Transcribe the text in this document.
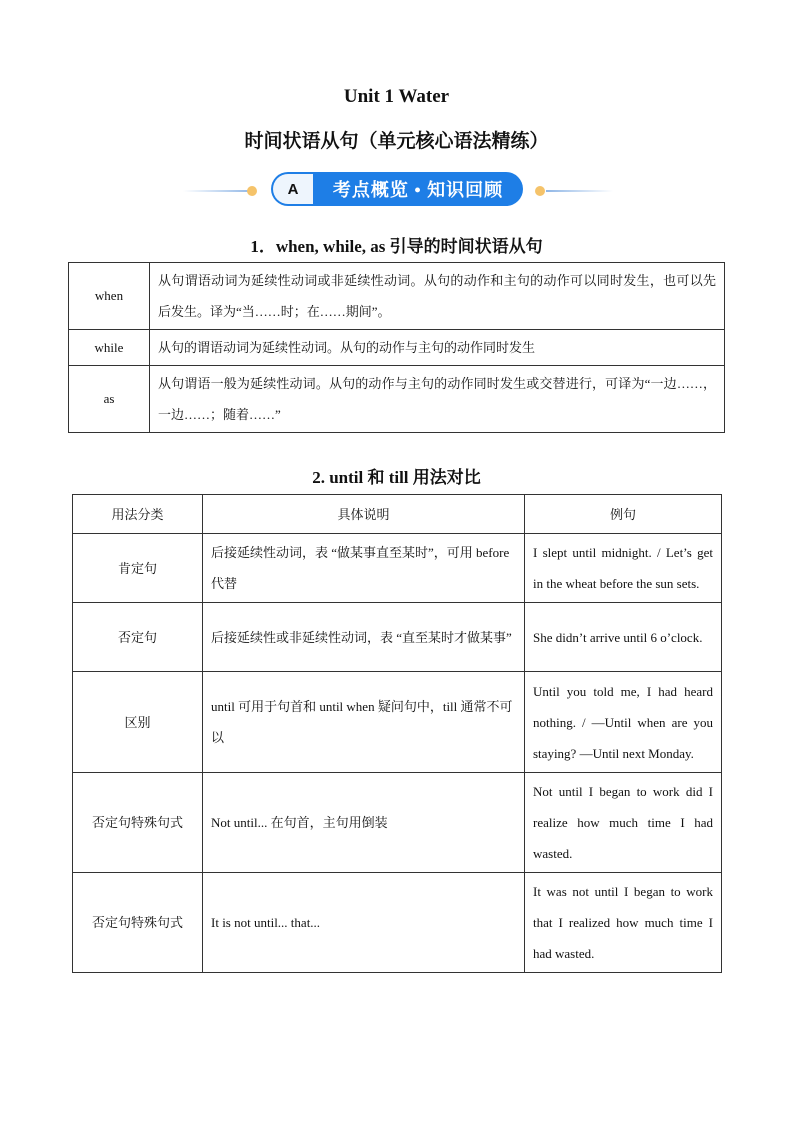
Unit 1 Water
时间状语从句（单元核心语法精练）
A	考点概览 • 知识回顾
1．when, while, as 引导的时间状语从句
when	从句谓语动词为延续性动词或非延续性动词。从句的动作和主句的动作可以同时发生，也可以先后发生。译为“当……时；在……期间”。
while	从句的谓语动词为延续性动词。从句的动作与主句的动作同时发生
as	从句谓语一般为延续性动词。从句的动作与主句的动作同时发生或交替进行，可译为“一边……，一边……；随着……”
2. until 和 till 用法对比
用法分类	具体说明	例句
肯定句	后接延续性动词，表 “做某事直至某时”，可用 before 代替	I slept until midnight. / Let’s get in the wheat before the sun sets.
否定句	后接延续性或非延续性动词，表 “直至某时才做某事”	She didn’t arrive until 6 o’clock.
区别	until 可用于句首和 until when 疑问句中，till 通常不可以	Until you told me, I had heard nothing. / —Until when are you staying? —Until next Monday.
否定句特殊句式	Not until... 在句首，主句用倒装	Not until I began to work did I realize how much time I had wasted.
否定句特殊句式	It is not until... that...	It was not until I began to work that I realized how much time I had wasted.
